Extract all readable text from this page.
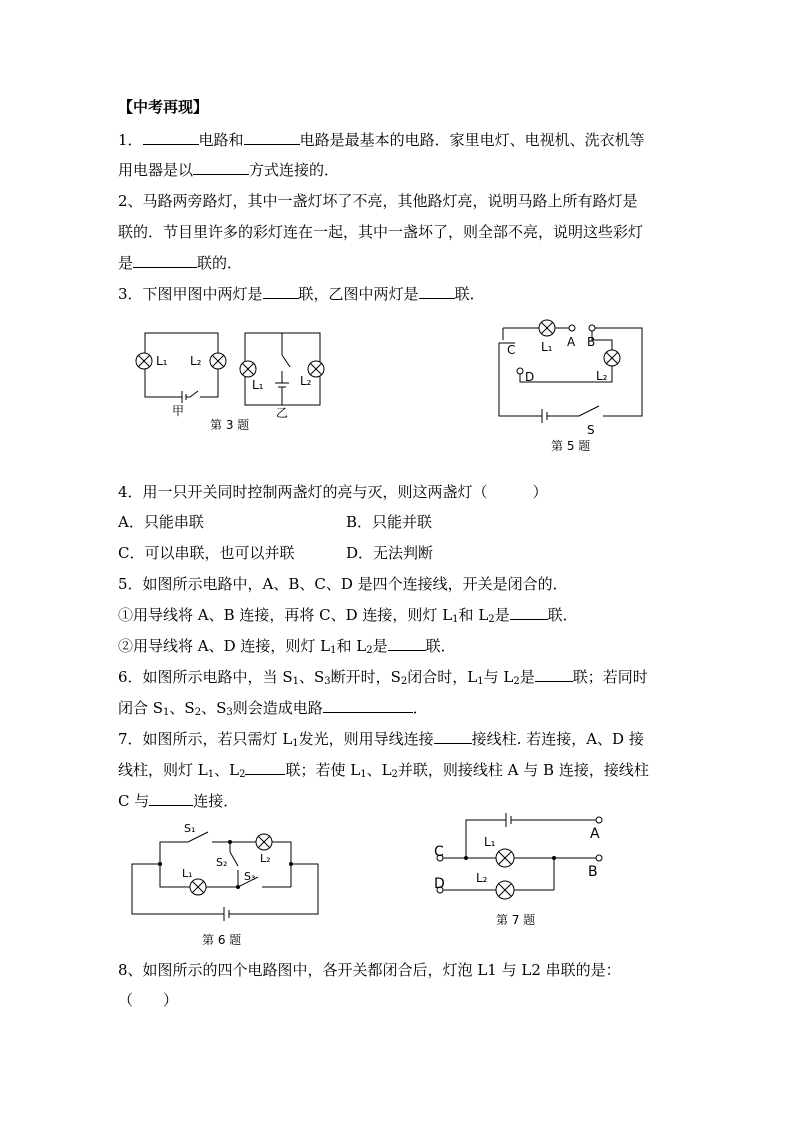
【中考再现】
1．	电路和	电路是最基本的电路．家里电灯、电视机、洗衣机等
用电器是以	方式连接的．
2、马路两旁路灯，其中一盏灯坏了不亮，其他路灯亮，说明马路上所有路灯是
联的．节目里许多的彩灯连在一起，其中一盏坏了，则全部不亮，说明这些彩灯
是	联的．
3．下图甲图中两灯是 联，乙图中两灯是 联．
L₁ L₂
甲
L₁	L₂
乙
第 3 题
C L₁ A B
D	L₂
S
第 5 题
4．用一只开关同时控制两盏灯的亮与灭，则这两盏灯（　　　）
A．只能串联	B．只能并联
C．可以串联，也可以并联	D．无法判断
5．如图所示电路中，A、B、C、D 是四个连接线，开关是闭合的．
①用导线将 A、B 连接，再将 C、D 连接，则灯 $L_1$和 $L_2$是	联．
②用导线将 A、D 连接，则灯 $L_1$和 $L_2$是	联．
6．如图所示电路中，当 $S_1$、$S_3$断开时，$S_2$闭合时，$L_1$与 $L_2$是	联；若同时
闭合 $S_1$、$S_2$、$S_3$则会造成电路	．
7．如图所示，若只需灯 $L_1$发光，则用导线连接	接线柱. 若连接，A、D 接
线柱，则灯 $L_1$、$L_2$	联；若使 $L_1$、$L_2$并联，则接线柱 A 与 B 连接，接线柱
C 与	连接．
S₁
L₂
S₂
L₁	S₃
第 6 题
C
L₁	A
D	L₂	B
第 7 题
8、如图所示的四个电路图中，各开关都闭合后，灯泡 L1 与 L2 串联的是：
（　　）
